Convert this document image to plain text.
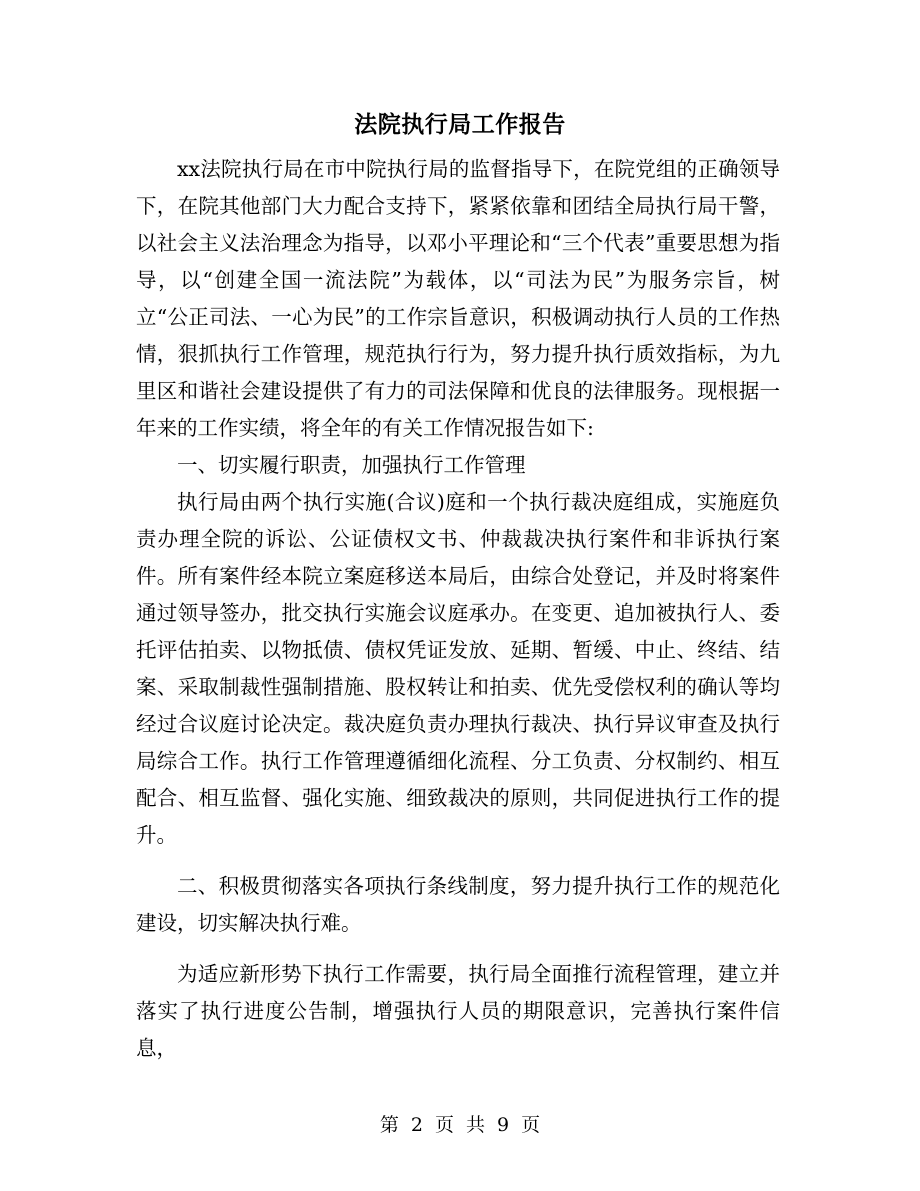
法院执行局工作报告

xx法院执行局在市中院执行局的监督指导下，在院党组的正确领导下，在院其他部门大力配合支持下，紧紧依靠和团结全局执行局干警，以社会主义法治理念为指导，以邓小平理论和“三个代表”重要思想为指导，以“创建全国一流法院”为载体，以“司法为民”为服务宗旨，树立“公正司法、一心为民”的工作宗旨意识，积极调动执行人员的工作热情，狠抓执行工作管理，规范执行行为，努力提升执行质效指标，为九里区和谐社会建设提供了有力的司法保障和优良的法律服务。现根据一年来的工作实绩，将全年的有关工作情况报告如下:

一、切实履行职责，加强执行工作管理

执行局由两个执行实施(合议)庭和一个执行裁决庭组成，实施庭负责办理全院的诉讼、公证债权文书、仲裁裁决执行案件和非诉执行案件。所有案件经本院立案庭移送本局后，由综合处登记，并及时将案件通过领导签办，批交执行实施会议庭承办。在变更、追加被执行人、委托评估拍卖、以物抵债、债权凭证发放、延期、暂缓、中止、终结、结案、采取制裁性强制措施、股权转让和拍卖、优先受偿权利的确认等均经过合议庭讨论决定。裁决庭负责办理执行裁决、执行异议审查及执行局综合工作。执行工作管理遵循细化流程、分工负责、分权制约、相互配合、相互监督、强化实施、细致裁决的原则，共同促进执行工作的提升。

二、积极贯彻落实各项执行条线制度，努力提升执行工作的规范化建设，切实解决执行难。

为适应新形势下执行工作需要，执行局全面推行流程管理，建立并落实了执行进度公告制，增强执行人员的期限意识，完善执行案件信息，

第 2 页 共 9 页
